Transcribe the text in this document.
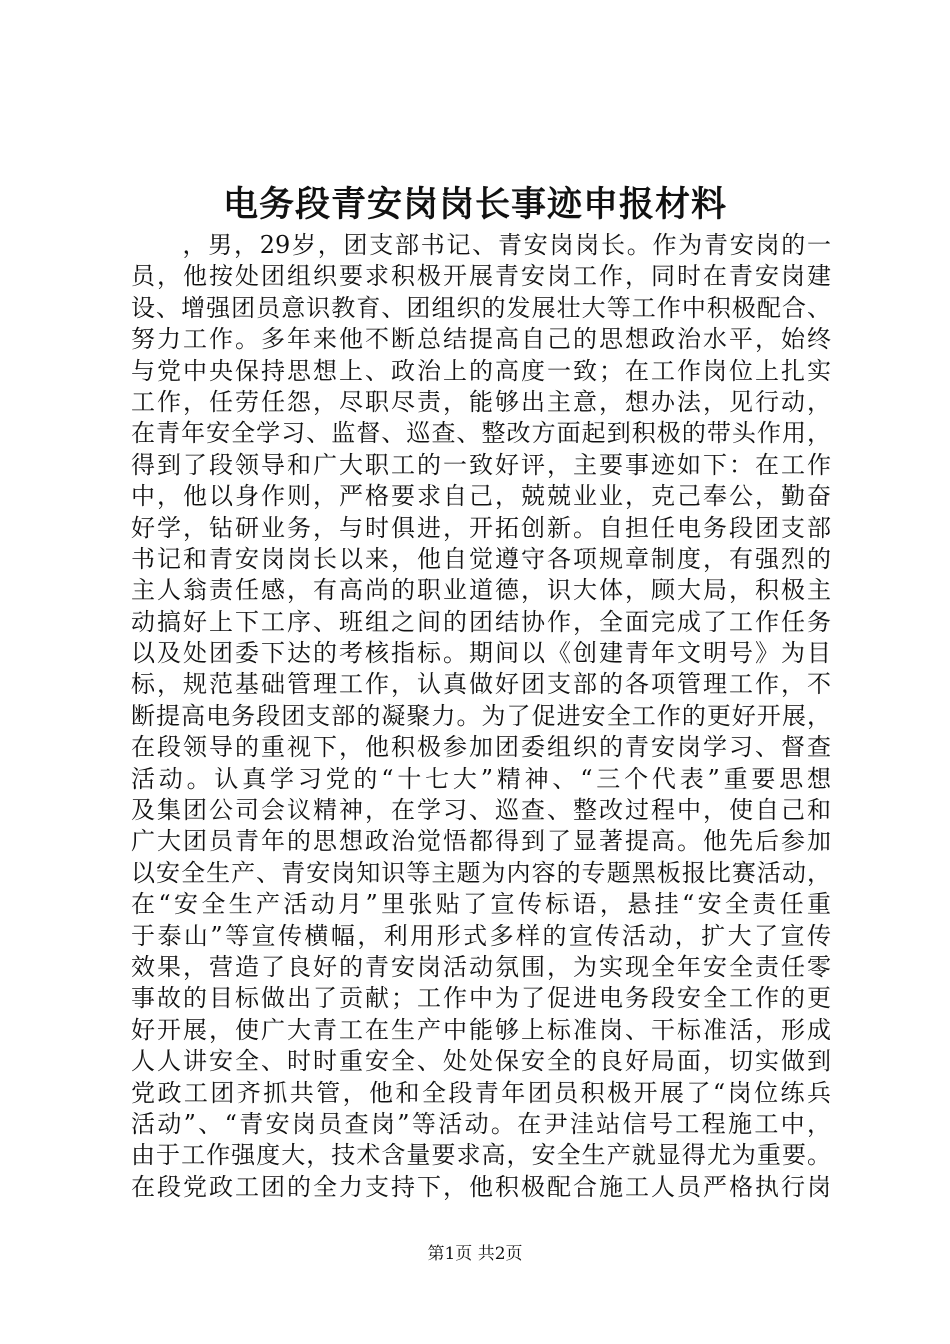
电务段青安岗岗长事迹申报材料
　　，男，29岁，团支部书记、青安岗岗长。作为青安岗的一
员，他按处团组织要求积极开展青安岗工作，同时在青安岗建
设、增强团员意识教育、团组织的发展壮大等工作中积极配合、
努力工作。多年来他不断总结提高自己的思想政治水平，始终
与党中央保持思想上、政治上的高度一致；在工作岗位上扎实
工作，任劳任怨，尽职尽责，能够出主意，想办法，见行动，
在青年安全学习、监督、巡查、整改方面起到积极的带头作用，
得到了段领导和广大职工的一致好评，主要事迹如下：在工作
中，他以身作则，严格要求自己，兢兢业业，克己奉公，勤奋
好学，钻研业务，与时俱进，开拓创新。自担任电务段团支部
书记和青安岗岗长以来，他自觉遵守各项规章制度，有强烈的
主人翁责任感，有高尚的职业道德，识大体，顾大局，积极主
动搞好上下工序、班组之间的团结协作，全面完成了工作任务
以及处团委下达的考核指标。期间以《创建青年文明号》为目
标，规范基础管理工作，认真做好团支部的各项管理工作，不
断提高电务段团支部的凝聚力。为了促进安全工作的更好开展，
在段领导的重视下，他积极参加团委组织的青安岗学习、督查
活动。认真学习党的“十七大”精神、“三个代表”重要思想
及集团公司会议精神，在学习、巡查、整改过程中，使自己和
广大团员青年的思想政治觉悟都得到了显著提高。他先后参加
以安全生产、青安岗知识等主题为内容的专题黑板报比赛活动，
在“安全生产活动月”里张贴了宣传标语，悬挂“安全责任重
于泰山”等宣传横幅，利用形式多样的宣传活动，扩大了宣传
效果，营造了良好的青安岗活动氛围，为实现全年安全责任零
事故的目标做出了贡献；工作中为了促进电务段安全工作的更
好开展，使广大青工在生产中能够上标准岗、干标准活，形成
人人讲安全、时时重安全、处处保安全的良好局面，切实做到
党政工团齐抓共管，他和全段青年团员积极开展了“岗位练兵
活动”、“青安岗员查岗”等活动。在尹洼站信号工程施工中，
由于工作强度大，技术含量要求高，安全生产就显得尤为重要。
在段党政工团的全力支持下，他积极配合施工人员严格执行岗
第1页 共2页
